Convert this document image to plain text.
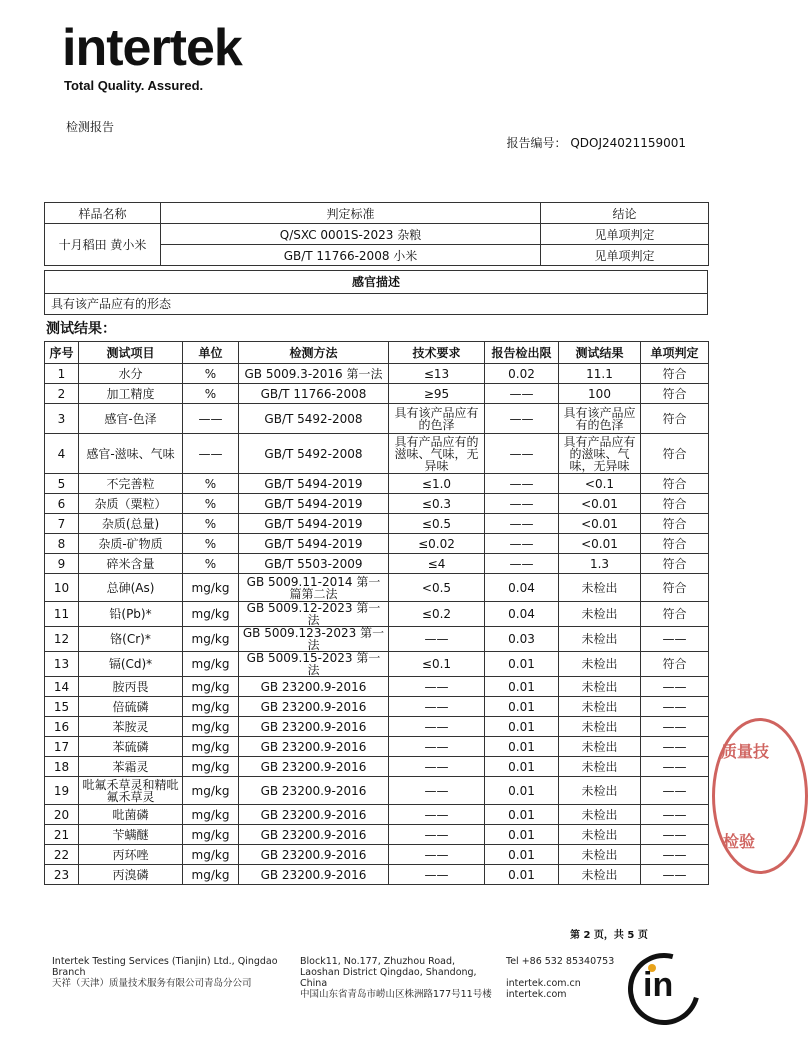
intertek
Total Quality. Assured.
检测报告
报告编号： QDOJ24021159001
样品名称	判定标准	结论
十月稻田 黄小米	Q/SXC 0001S-2023 杂粮	见单项判定
	GB/T 11766-2008 小米	见单项判定
感官描述
具有该产品应有的形态
测试结果：
序号	测试项目	单位	检测方法	技术要求	报告检出限	测试结果	单项判定
1	水分	%	GB 5009.3-2016 第一法	≤13	0.02	11.1	符合
2	加工精度	%	GB/T 11766-2008	≥95	——	100	符合
3	感官-色泽	——	GB/T 5492-2008	具有该产品应有的色泽	——	具有该产品应有的色泽	符合
4	感官-滋味、气味	——	GB/T 5492-2008	具有产品应有的滋味、气味，无异味	——	具有产品应有的滋味、气味，无异味	符合
5	不完善粒	%	GB/T 5494-2019	≤1.0	——	<0.1	符合
6	杂质（粟粒）	%	GB/T 5494-2019	≤0.3	——	<0.01	符合
7	杂质(总量)	%	GB/T 5494-2019	≤0.5	——	<0.01	符合
8	杂质-矿物质	%	GB/T 5494-2019	≤0.02	——	<0.01	符合
9	碎米含量	%	GB/T 5503-2009	≤4	——	1.3	符合
10	总砷(As)	mg/kg	GB 5009.11-2014 第一篇第二法	<0.5	0.04	未检出	符合
11	铅(Pb)*	mg/kg	GB 5009.12-2023 第一法	≤0.2	0.04	未检出	符合
12	铬(Cr)*	mg/kg	GB 5009.123-2023 第一法	——	0.03	未检出	——
13	镉(Cd)*	mg/kg	GB 5009.15-2023 第一法	≤0.1	0.01	未检出	符合
14	胺丙畏	mg/kg	GB 23200.9-2016	——	0.01	未检出	——
15	倍硫磷	mg/kg	GB 23200.9-2016	——	0.01	未检出	——
16	苯胺灵	mg/kg	GB 23200.9-2016	——	0.01	未检出	——
17	苯硫磷	mg/kg	GB 23200.9-2016	——	0.01	未检出	——
18	苯霜灵	mg/kg	GB 23200.9-2016	——	0.01	未检出	——
19	吡氟禾草灵和精吡氟禾草灵	mg/kg	GB 23200.9-2016	——	0.01	未检出	——
20	吡菌磷	mg/kg	GB 23200.9-2016	——	0.01	未检出	——
21	苄螨醚	mg/kg	GB 23200.9-2016	——	0.01	未检出	——
22	丙环唑	mg/kg	GB 23200.9-2016	——	0.01	未检出	——
23	丙溴磷	mg/kg	GB 23200.9-2016	——	0.01	未检出	——
第 2 页，共 5 页
Intertek Testing Services (Tianjin) Ltd., Qingdao Branch
天祥（天津）质量技术服务有限公司青岛分公司
Block11, No.177, Zhuzhou Road, Laoshan District Qingdao, Shandong, China
中国山东省青岛市崂山区株洲路177号11号楼
Tel +86 532 85340753
intertek.com.cn
intertek.com	in
质量技
检验
